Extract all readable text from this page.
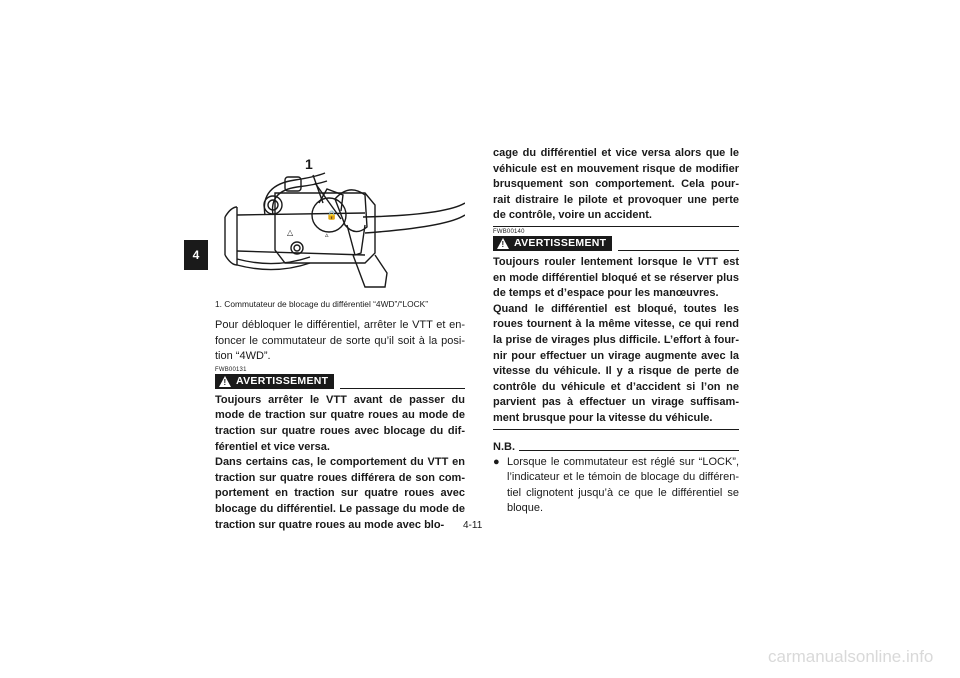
4
🔒
△	▵
1
1. Commutateur de blocage du différentiel “4WD”/“LOCK”
Pour débloquer le différentiel, arrêter le VTT et en-foncer le commutateur de sorte qu’il soit à la posi-tion “4WD”.
FWB00131
! AVERTISSEMENT
Toujours arrêter le VTT avant de passer du mode de traction sur quatre roues au mode de traction sur quatre roues avec blocage du dif-férentiel et vice versa.
Dans certains cas, le comportement du VTT en traction sur quatre roues différera de son com-portement en traction sur quatre roues avec blocage du différentiel. Le passage du mode de traction sur quatre roues au mode avec blo-
cage du différentiel et vice versa alors que le véhicule est en mouvement risque de modifier brusquement son comportement. Cela pour-rait distraire le pilote et provoquer une perte de contrôle, voire un accident.
FWB00140
! AVERTISSEMENT
Toujours rouler lentement lorsque le VTT est en mode différentiel bloqué et se réserver plus de temps et d’espace pour les manœuvres.
Quand le différentiel est bloqué, toutes les roues tournent à la même vitesse, ce qui rend la prise de virages plus difficile. L’effort à four-nir pour effectuer un virage augmente avec la vitesse du véhicule. Il y a risque de perte de contrôle du véhicule et d’accident si l’on ne parvient pas à effectuer un virage suffisam-ment brusque pour la vitesse du véhicule.
N.B.
● Lorsque le commutateur est réglé sur “LOCK”, l’indicateur et le témoin de blocage du différen-tiel clignotent jusqu’à ce que le différentiel se bloque.
4-11
carmanualsonline.info
